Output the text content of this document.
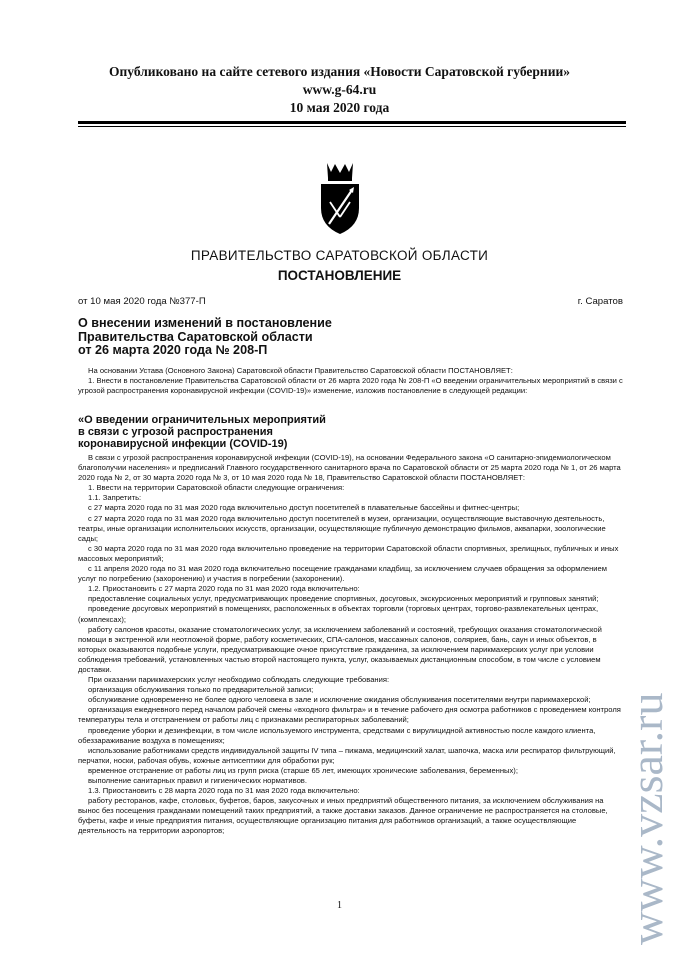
Опубликовано на сайте сетевого издания «Новости Саратовской губернии»
www.g-64.ru
10 мая 2020 года
ПРАВИТЕЛЬСТВО САРАТОВСКОЙ ОБЛАСТИ
ПОСТАНОВЛЕНИЕ
от 10 мая 2020 года №377-П	г. Саратов
О внесении изменений в постановление
Правительства Саратовской области
от 26 марта 2020 года № 208-П

На основании Устава (Основного Закона) Саратовской области Правительство Саратовской области ПОСТАНОВЛЯЕТ:

1. Внести в постановление Правительства Саратовской области от 26 марта 2020 года № 208-П «О введении ограничительных мероприятий в связи с угрозой распространения коронавирусной инфекции (COVID-19)» изменение, изложив постановление в следующей редакции:

«О введении ограничительных мероприятий
в связи с угрозой распространения
коронавирусной инфекции (COVID-19)

В связи с угрозой распространения коронавирусной инфекции (COVID-19), на основании Федерального закона «О санитарно-эпидемиологическом благополучии населения» и предписаний Главного государственного санитарного врача по Саратовской области от 25 марта 2020 года № 1, от 26 марта 2020 года № 2, от 30 марта 2020 года № 3, от 10 мая 2020 года № 18, Правительство Саратовской области ПОСТАНОВЛЯЕТ:

1. Ввести на территории Саратовской области следующие ограничения:

1.1. Запретить:

с 27 марта 2020 года по 31 мая 2020 года включительно доступ посетителей в плавательные бассейны и фитнес-центры;

с 27 марта 2020 года по 31 мая 2020 года включительно доступ посетителей в музеи, организации, осуществляющие выставочную деятельность, театры, иные организации исполнительских искусств, организации, осуществляющие публичную демонстрацию фильмов, аквапарки, зоологические сады;

с 30 марта 2020 года по 31 мая 2020 года включительно проведение на территории Саратовской области спортивных, зрелищных, публичных и иных массовых мероприятий;

с 11 апреля 2020 года по 31 мая 2020 года включительно посещение гражданами кладбищ, за исключением случаев обращения за оформлением услуг по погребению (захоронению) и участия в погребении (захоронении).

1.2. Приостановить с 27 марта 2020 года по 31 мая 2020 года включительно:

предоставление социальных услуг, предусматривающих проведение спортивных, досуговых, экскурсионных мероприятий и групповых занятий;

проведение досуговых мероприятий в помещениях, расположенных в объектах торговли (торговых центрах, торгово-развлекательных центрах, (комплексах);

работу салонов красоты, оказание стоматологических услуг, за исключением заболеваний и состояний, требующих оказания стоматологической помощи в экстренной или неотложной форме, работу косметических, СПА-салонов, массажных салонов, соляриев, бань, саун и иных объектов, в которых оказываются подобные услуги, предусматривающие очное присутствие гражданина, за исключением парикмахерских услуг при условии соблюдения требований, установленных частью второй настоящего пункта, услуг, оказываемых дистанционным способом, в том числе с условием доставки.

При оказании парикмахерских услуг необходимо соблюдать следующие требования:

организация обслуживания только по предварительной записи;

обслуживание одновременно не более одного человека в зале и исключение ожидания обслуживания посетителями внутри парикмахерской;

организация ежедневного перед началом рабочей смены «входного фильтра» и в течение рабочего дня осмотра работников с проведением контроля температуры тела и отстранением от работы лиц с признаками респираторных заболеваний;

проведение уборки и дезинфекции, в том числе используемого инструмента, средствами с вирулицидной активностью после каждого клиента, обеззараживание воздуха в помещениях;

использование работниками средств индивидуальной защиты IV типа – пижама, медицинский халат, шапочка, маска или респиратор фильтрующий, перчатки, носки, рабочая обувь, кожные антисептики для обработки рук;

временное отстранение от работы лиц из групп риска (старше 65 лет, имеющих хронические заболевания, беременных);

выполнение санитарных правил и гигиенических нормативов.

1.3. Приостановить с 28 марта 2020 года по 31 мая 2020 года включительно:

работу ресторанов, кафе, столовых, буфетов, баров, закусочных и иных предприятий общественного питания, за исключением обслуживания на вынос без посещения гражданами помещений таких предприятий, а также доставки заказов. Данное ограничение не распространяется на столовые, буфеты, кафе и иные предприятия питания, осуществляющие организацию питания для работников организаций, а также осуществляющие деятельность на территории аэропортов;	www.vzsar.ru
1
